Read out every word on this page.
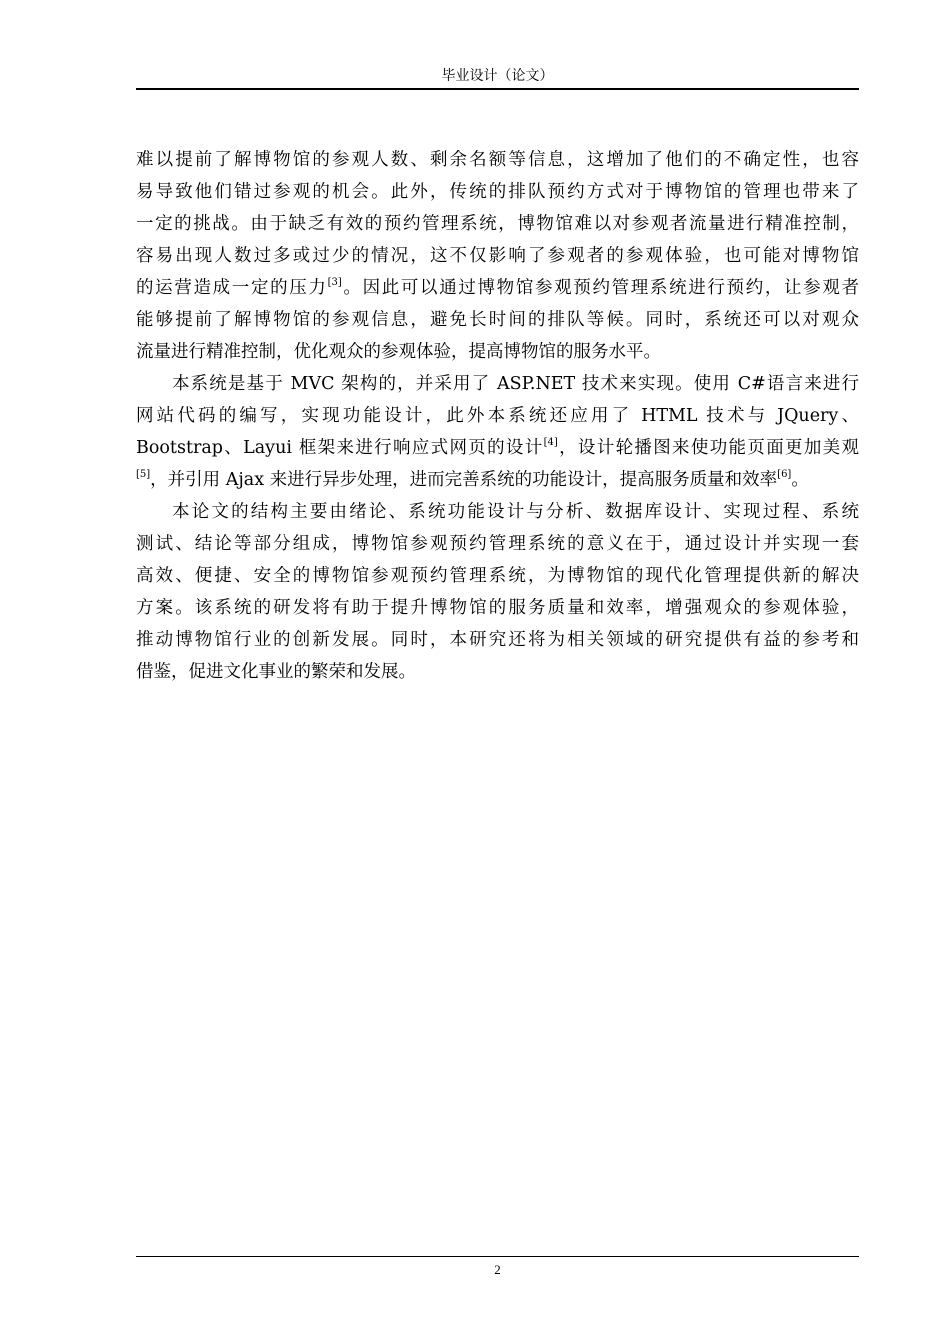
毕业设计（论文）
难以提前了解博物馆的参观人数、剩余名额等信息，这增加了他们的不确定性，也容
易导致他们错过参观的机会。此外，传统的排队预约方式对于博物馆的管理也带来了
一定的挑战。由于缺乏有效的预约管理系统，博物馆难以对参观者流量进行精准控制，
容易出现人数过多或过少的情况，这不仅影响了参观者的参观体验，也可能对博物馆
的运营造成一定的压力[3]。因此可以通过博物馆参观预约管理系统进行预约，让参观者
能够提前了解博物馆的参观信息，避免长时间的排队等候。同时，系统还可以对观众
流量进行精准控制，优化观众的参观体验，提高博物馆的服务水平。
本系统是基于 MVC 架构的，并采用了 ASP.NET 技术来实现。使用 C#语言来进行
网站代码的编写，实现功能设计，此外本系统还应用了 HTML 技术与 JQuery、
Bootstrap、Layui 框架来进行响应式网页的设计[4]，设计轮播图来使功能页面更加美观
[5]，并引用 Ajax 来进行异步处理，进而完善系统的功能设计，提高服务质量和效率[6]。
本论文的结构主要由绪论、系统功能设计与分析、数据库设计、实现过程、系统
测试、结论等部分组成，博物馆参观预约管理系统的意义在于，通过设计并实现一套
高效、便捷、安全的博物馆参观预约管理系统，为博物馆的现代化管理提供新的解决
方案。该系统的研发将有助于提升博物馆的服务质量和效率，增强观众的参观体验，
推动博物馆行业的创新发展。同时，本研究还将为相关领域的研究提供有益的参考和
借鉴，促进文化事业的繁荣和发展。
2
